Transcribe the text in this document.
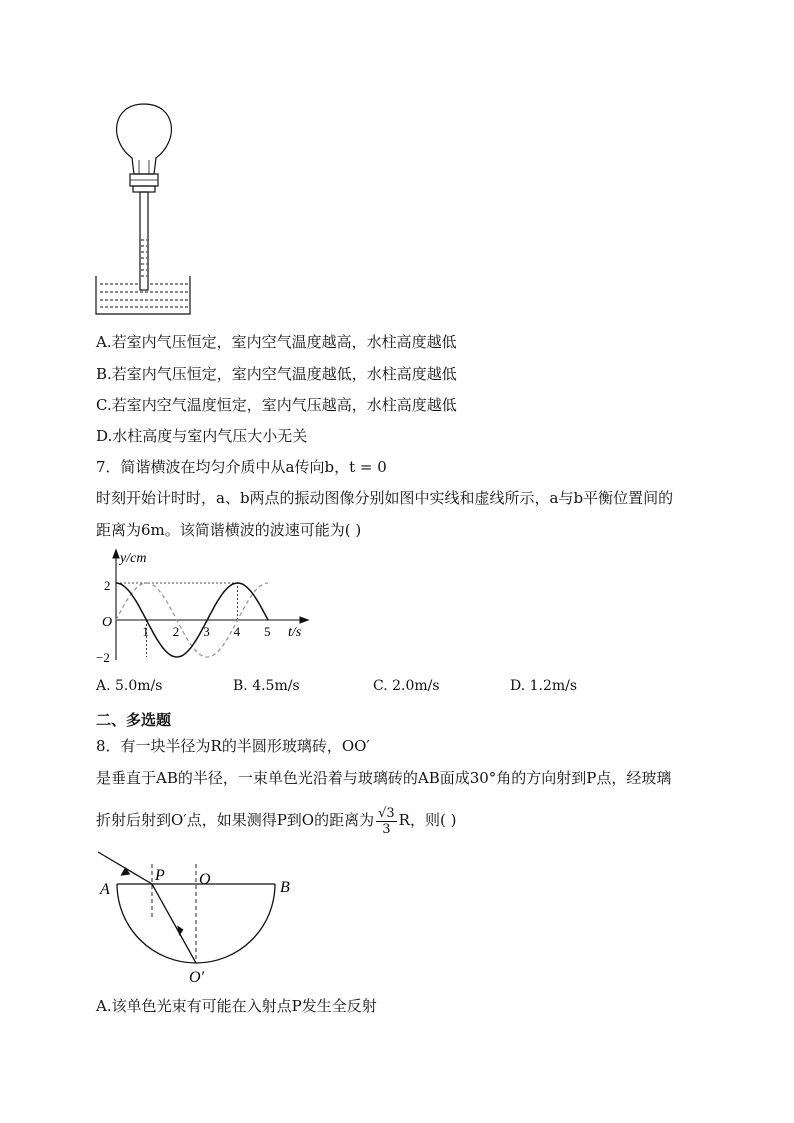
A.若室内气压恒定，室内空气温度越高，水柱高度越低
B.若室内气压恒定，室内空气温度越低，水柱高度越低
C.若室内空气温度恒定，室内气压越高，水柱高度越低
D.水柱高度与室内气压大小无关
7．简谐横波在均匀介质中从a传向b，t = 0
时刻开始计时时，a、b两点的振动图像分别如图中实线和虚线所示，a与b平衡位置间的
距离为6m。该简谐横波的波速可能为( )
y/cm
t/s
O
2
−2
1 2 3 4 5
A. 5.0m/s	B. 4.5m/s	C. 2.0m/s	D. 1.2m/s
二、多选题
8．有一块半径为R的半圆形玻璃砖，OO′
是垂直于AB的半径，一束单色光沿着与玻璃砖的AB面成30°角的方向射到P点，经玻璃
折射后射到O′点，如果测得P到O的距离为 $\frac{√3}{3}$ R，则( )
A	B
P O
O′
A.该单色光束有可能在入射点P发生全反射
